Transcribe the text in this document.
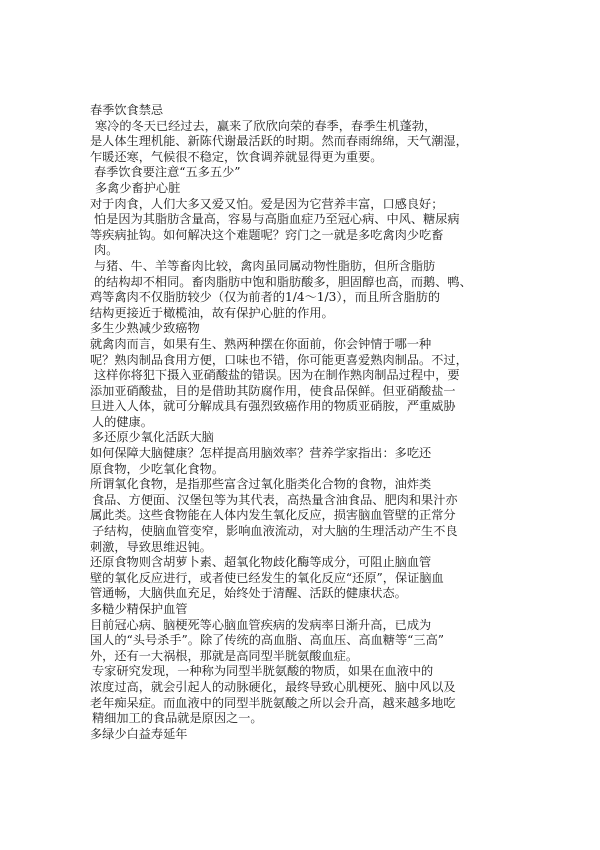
春季饮食禁忌

寒冷的冬天已经过去，赢来了欣欣向荣的春季，春季生机蓬勃，

是人体生理机能、新陈代谢最活跃的时期。然而春雨绵绵，天气潮湿，

乍暖还寒，气候很不稳定，饮食调养就显得更为重要。

春季饮食要注意“五多五少”

多禽少畜护心脏

对于肉食，人们大多又爱又怕。爱是因为它营养丰富，口感良好；

怕是因为其脂肪含量高，容易与高脂血症乃至冠心病、中风、糖尿病

等疾病扯钩。如何解决这个难题呢？窍门之一就是多吃禽肉少吃畜

肉。

与猪、牛、羊等畜肉比较，禽肉虽同属动物性脂肪，但所含脂肪

的结构却不相同。畜肉脂肪中饱和脂肪酸多，胆固醇也高，而鹅、鸭、

鸡等禽肉不仅脂肪较少（仅为前者的1/4～1/3），而且所含脂肪的

结构更接近于橄榄油，故有保护心脏的作用。

多生少熟减少致癌物

就禽肉而言，如果有生、熟两种摆在你面前，你会钟情于哪一种

呢？熟肉制品食用方便，口味也不错，你可能更喜爱熟肉制品。不过，

这样你将犯下摄入亚硝酸盐的错误。因为在制作熟肉制品过程中，要

添加亚硝酸盐，目的是借助其防腐作用，使食品保鲜。但亚硝酸盐一

旦进入人体，就可分解成具有强烈致癌作用的物质亚硝胺，严重威胁

人的健康。

多还原少氧化活跃大脑

如何保障大脑健康？怎样提高用脑效率？营养学家指出：多吃还

原食物，少吃氧化食物。

所谓氧化食物，是指那些富含过氧化脂类化合物的食物，油炸类

食品、方便面、汉堡包等为其代表，高热量含油食品、肥肉和果汁亦

属此类。这些食物能在人体内发生氧化反应，损害脑血管壁的正常分

子结构，使脑血管变窄，影响血液流动，对大脑的生理活动产生不良

刺激，导致思维迟钝。

还原食物则含胡萝卜素、超氧化物歧化酶等成分，可阻止脑血管

壁的氧化反应进行，或者使已经发生的氧化反应“还原”，保证脑血

管通畅，大脑供血充足，始终处于清醒、活跃的健康状态。

多糙少精保护血管

目前冠心病、脑梗死等心脑血管疾病的发病率日渐升高，已成为

国人的“头号杀手”。除了传统的高血脂、高血压、高血糖等“三高”

外，还有一大祸根，那就是高同型半胱氨酸血症。

专家研究发现，一种称为同型半胱氨酸的物质，如果在血液中的

浓度过高，就会引起人的动脉硬化，最终导致心肌梗死、脑中风以及

老年痴呆症。而血液中的同型半胱氨酸之所以会升高，越来越多地吃

精细加工的食品就是原因之一。

多绿少白益寿延年
